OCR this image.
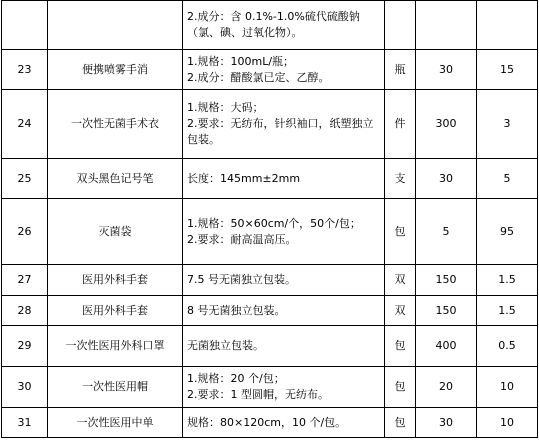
		2.成分：含 0.1%-1.0%硫代硫酸钠（氯、碘、过氧化物）。			

23	便携喷雾手消	1.规格：100mL/瓶；
2.成分：醋酸氯已定、乙醇。	瓶	30	15
24	一次性无菌手术衣	1.规格：大码；
2.要求：无纺布，针织袖口，纸塑独立包装。	件	300	3
25	双头黑色记号笔	长度：145mm±2mm	支	30	5
26	灭菌袋	1.规格：50×60cm/个，50个/包；
2.要求：耐高温高压。	包	5	95
27	医用外科手套	7.5 号无菌独立包装。	双	150	1.5
28	医用外科手套	8 号无菌独立包装。	双	150	1.5
29	一次性医用外科口罩	无菌独立包装。	包	400	0.5
30	一次性医用帽	1.规格：20 个/包；
2.要求：1 型圆帽，无纺布。	包	20	10
31	一次性医用中单	规格：80×120cm，10 个/包。	包	30	10
